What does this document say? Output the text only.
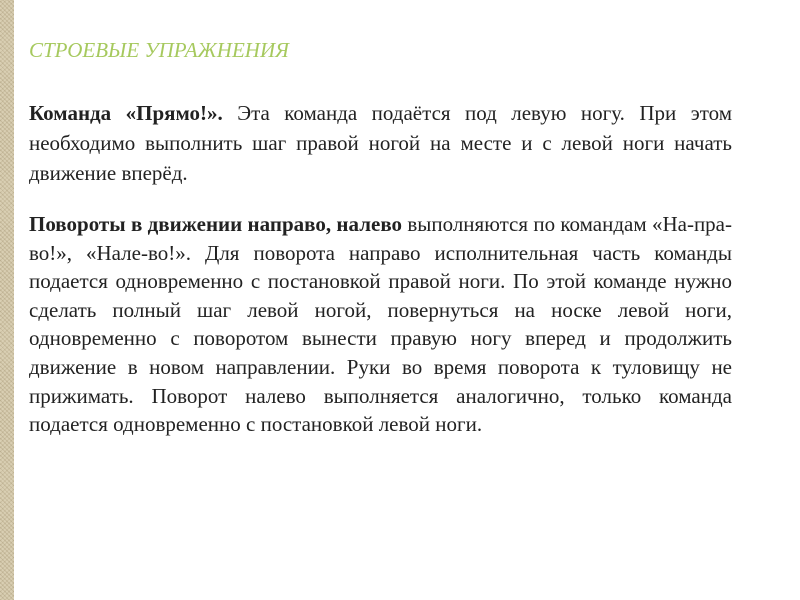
СТРОЕВЫЕ УПРАЖНЕНИЯ
Команда «Прямо!». Эта команда подаётся под левую ногу. При этом необходимо выполнить шаг правой ногой на месте и с левой ноги начать движение вперёд.
Повороты в движении направо, налево выполняются по командам «На-пра-во!», «Нале-во!». Для поворота направо исполнительная часть команды подается одновременно с постановкой правой ноги. По этой команде нужно сделать полный шаг левой ногой, повернуться на носке левой ноги, одновременно с поворотом вынести правую ногу вперед и продолжить движение в новом направлении. Руки во время поворота к туловищу не прижимать. Поворот налево выполняется аналогично, только команда подается одновременно с постановкой левой ноги.
